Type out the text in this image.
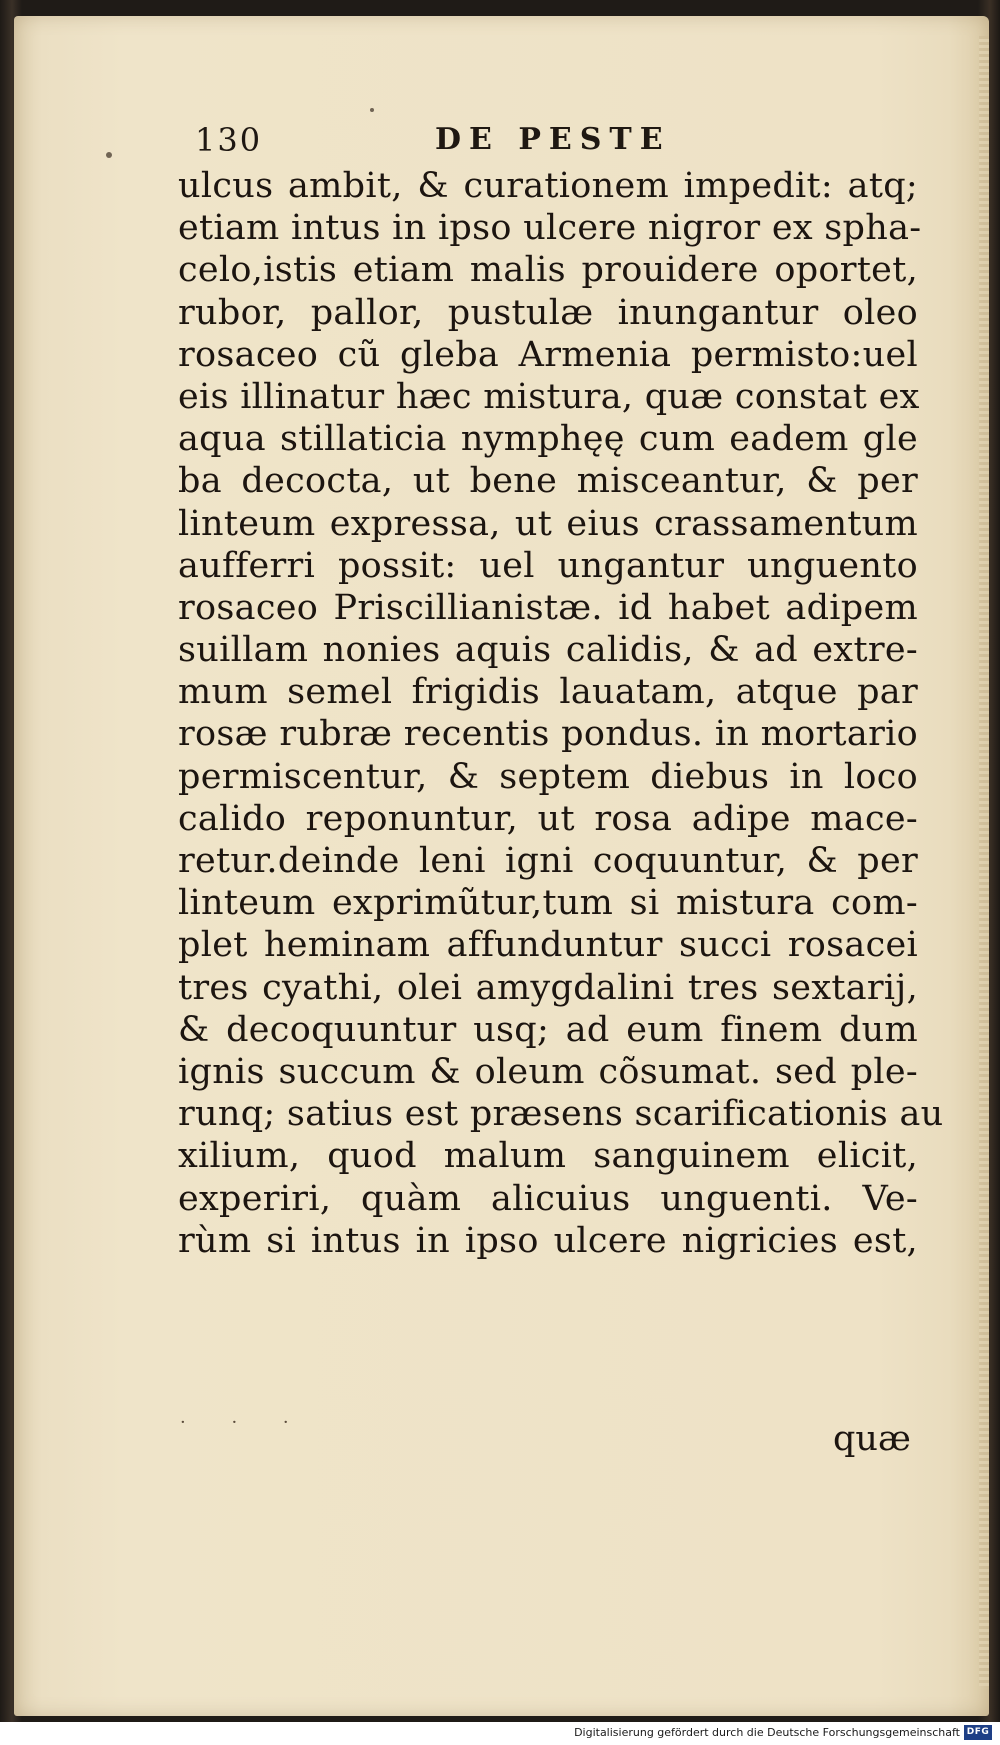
130	DE PESTE
ulcus ambit, & curationem impedit: atq;
etiam intus in ipso ulcere nigror ex spha-
celo,istis etiam malis prouidere oportet,
rubor, pallor, pustulæ inungantur oleo
rosaceo cũ gleba Armenia permisto:uel
eis illinatur hæc mistura, quæ constat ex
aqua stillaticia nymphęę cum eadem gle
ba decocta, ut bene misceantur, & per
linteum expressa, ut eius crassamentum
aufferri possit: uel ungantur unguento
rosaceo Priscillianistæ. id habet adipem
suillam nonies aquis calidis, & ad extre-
mum semel frigidis lauatam, atque par
rosæ rubræ recentis pondus. in mortario
permiscentur, & septem diebus in loco
calido reponuntur, ut rosa adipe mace-
retur.deinde leni igni coquuntur, & per
linteum exprimũtur,tum si mistura com-
plet heminam affunduntur succi rosacei
tres cyathi, olei amygdalini tres sextarij,
& decoquuntur usq; ad eum finem dum
ignis succum & oleum cõsumat. sed ple-
runq; satius est præsens scarificationis au
xilium, quod malum sanguinem elicit,
experiri, quàm alicuius unguenti. Ve-
rùm si intus in ipso ulcere nigricies est,
· · ·	quæ
Digitalisierung gefördert durch die Deutsche Forschungsgemeinschaft DFG
